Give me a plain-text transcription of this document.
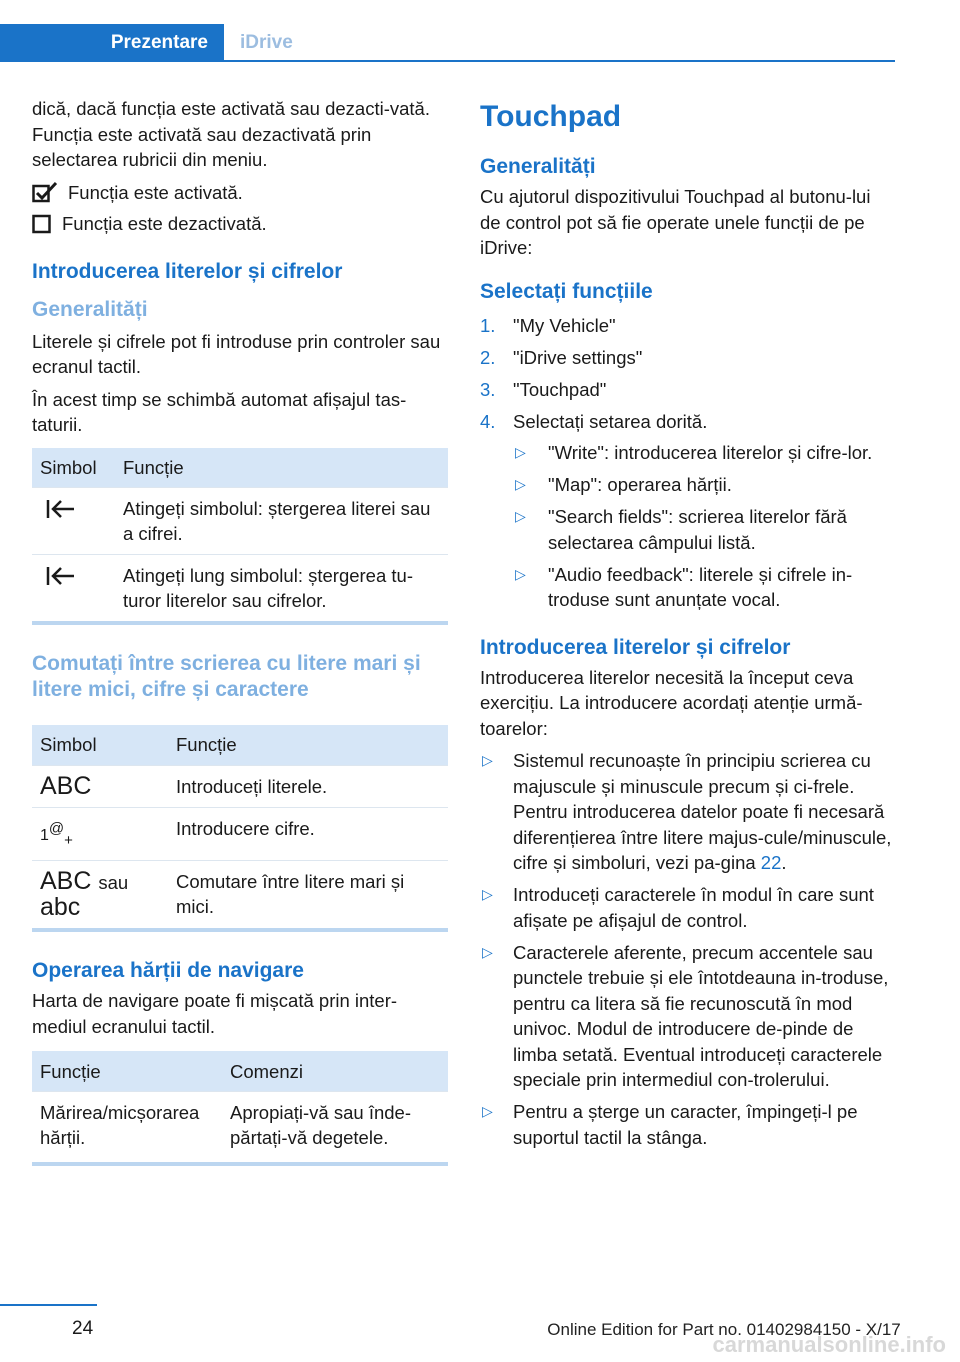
Prezentare	iDrive

dică, dacă funcția este activată sau dezacti-vată. Funcția este activată sau dezactivată prin selectarea rubricii din meniu.

Funcția este activată.
Funcția este dezactivată.
Introducerea literelor și cifrelor
Generalități

Literele și cifrele pot fi introduse prin controler sau ecranul tactil.

În acest timp se schimbă automat afișajul tas-taturii.

Simbol	Funcție
	Atingeți simbolul: ștergerea literei sau a cifrei.
	Atingeți lung simbolul: ștergerea tu-turor literelor sau cifrelor.
Comutați între scrierea cu litere mari și litere mici, cifre și caractere
Simbol	Funcție
ABC	Introduceți literele.
$1^@_+$	Introducere cifre.

ABC sau
abc	Comutare între litere mari și mici.
Operarea hărții de navigare

Harta de navigare poate fi mișcată prin inter-mediul ecranului tactil.

Funcție	Comenzi
Mărirea/micșorarea hărții.	Apropiați-vă sau înde-părtați-vă degetele.
Touchpad
Generalități

Cu ajutorul dispozitivului Touchpad al butonu-lui de control pot să fie operate unele funcții de pe iDrive:

Selectați funcțiile
1. "My Vehicle"
2. "iDrive settings"
3. "Touchpad"
4. Selectați setarea dorită.
▷ "Write": introducerea literelor și cifre-lor.
▷ "Map": operarea hărții.
▷ "Search fields": scrierea literelor fără selectarea câmpului listă.
▷ "Audio feedback": literele și cifrele in-troduse sunt anunțate vocal.
Introducerea literelor și cifrelor

Introducerea literelor necesită la început ceva exercițiu. La introducere acordați atenție urmă-toarelor:

▷ Sistemul recunoaște în principiu scrierea cu majuscule și minuscule precum și ci-frele. Pentru introducerea datelor poate fi necesară diferențierea între litere majus-cule/minuscule, cifre și simboluri, vezi pa-gina 22.
▷ Introduceți caracterele în modul în care sunt afișate pe afișajul de control.
▷ Caracterele aferente, precum accentele sau punctele trebuie și ele întotdeauna in-troduse, pentru ca litera să fie recunoscută în mod univoc. Modul de introducere de-pinde de limba setată. Eventual introduceți caracterele speciale prin intermediul con-trolerului.
▷ Pentru a șterge un caracter, împingeți-l pe suportul tactil la stânga.
24	Online Edition for Part no. 01402984150 - X/17
carmanualsonline.info
